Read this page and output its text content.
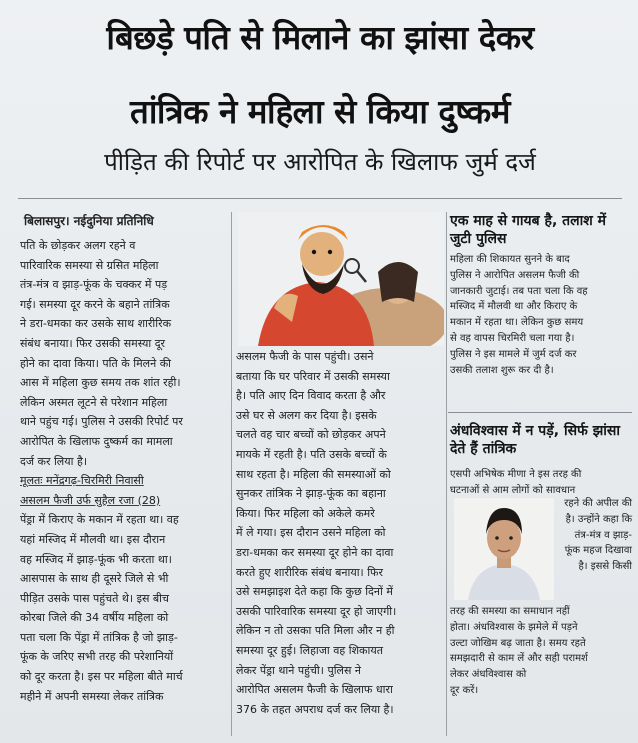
बिछड़े पति से मिलाने का झांसा देकर
तांत्रिक ने महिला से किया दुष्कर्म
पीड़ित की रिपोर्ट पर आरोपित के खिलाफ जुर्म दर्ज
बिलासपुर। नईदुनिया प्रतिनिधि

पति के छोड़कर अलग रहने व

पारिवारिक समस्या से ग्रसित महिला

तंत्र-मंत्र व झाड़-फूंक के चक्कर में पड़

गई। समस्या दूर करने के बहाने तांत्रिक

ने डरा-धमका कर उसके साथ शारीरिक

संबंध बनाया। फिर उसकी समस्या दूर

होने का दावा किया। पति के मिलने की

आस में महिला कुछ समय तक शांत रही।

लेकिन अस्मत लूटने से परेशान महिला

थाने पहुंच गई। पुलिस ने उसकी रिपोर्ट पर

आरोपित के खिलाफ दुष्कर्म का मामला

दर्ज कर लिया है।

मूलतः मनेंद्रगढ़-चिरमिरी निवासी

असलम फैजी उर्फ सुहैल रजा (28)

पेंड्रा में किराए के मकान में रहता था। वह

यहां मस्जिद में मौलवी था। इस दौरान

वह मस्जिद में झाड़-फूंक भी करता था।

आसपास के साथ ही दूसरे जिले से भी

पीड़ित उसके पास पहुंचते थे। इस बीच

कोरबा जिले की 34 वर्षीय महिला को

पता चला कि पेंड्रा में तांत्रिक है जो झाड़-

फूंक के जरिए सभी तरह की परेशानियों

को दूर करता है। इस पर महिला बीते मार्च

महीने में अपनी समस्या लेकर तांत्रिक

असलम फैजी के पास पहुंची। उसने

बताया कि घर परिवार में उसकी समस्या

है। पति आए दिन विवाद करता है और

उसे घर से अलग कर दिया है। इसके

चलते वह चार बच्चों को छोड़कर अपने

मायके में रहती है। पति उसके बच्चों के

साथ रहता है। महिला की समस्याओं को

सुनकर तांत्रिक ने झाड़-फूंक का बहाना

किया। फिर महिला को अकेले कमरे

में ले गया। इस दौरान उसने महिला को

डरा-धमका कर समस्या दूर होने का दावा

करते हुए शारीरिक संबंध बनाया। फिर

उसे समझाइश देते कहा कि कुछ दिनों में

उसकी पारिवारिक समस्या दूर हो जाएगी।

लेकिन न तो उसका पति मिला और न ही

समस्या दूर हुई। लिहाजा वह शिकायत

लेकर पेंड्रा थाने पहुंची। पुलिस ने

आरोपित असलम फैजी के खिलाफ धारा

376 के तहत अपराध दर्ज कर लिया है।

एक माह से गायब है, तलाश में जुटी पुलिस
महिला की शिकायत सुनने के बाद
पुलिस ने आरोपित असलम फैजी की
जानकारी जुटाई। तब पता चला कि वह
मस्जिद में मौलवी था और किराए के
मकान में रहता था। लेकिन कुछ समय
से वह वापस चिरमिरी चला गया है।
पुलिस ने इस मामले में जुर्म दर्ज कर
उसकी तलाश शुरू कर दी है।
अंधविश्वास में न पड़ें, सिर्फ झांसा देते हैं तांत्रिक
एसपी अभिषेक मीणा ने इस तरह की
घटनाओं से आम लोगों को सावधान
रहने की अपील की
है। उन्होंने कहा कि
तंत्र-मंत्र व झाड़-
फूंक महज दिखावा
है। इससे किसी
तरह की समस्या का समाधान नहीं
होता। अंधविश्वास के झमेले में पड़ने
उल्टा जोखिम बढ़ जाता है। समय रहते
समझदारी से काम लें और सही परामर्श
लेकर अंधविश्वास को
दूर करें।
